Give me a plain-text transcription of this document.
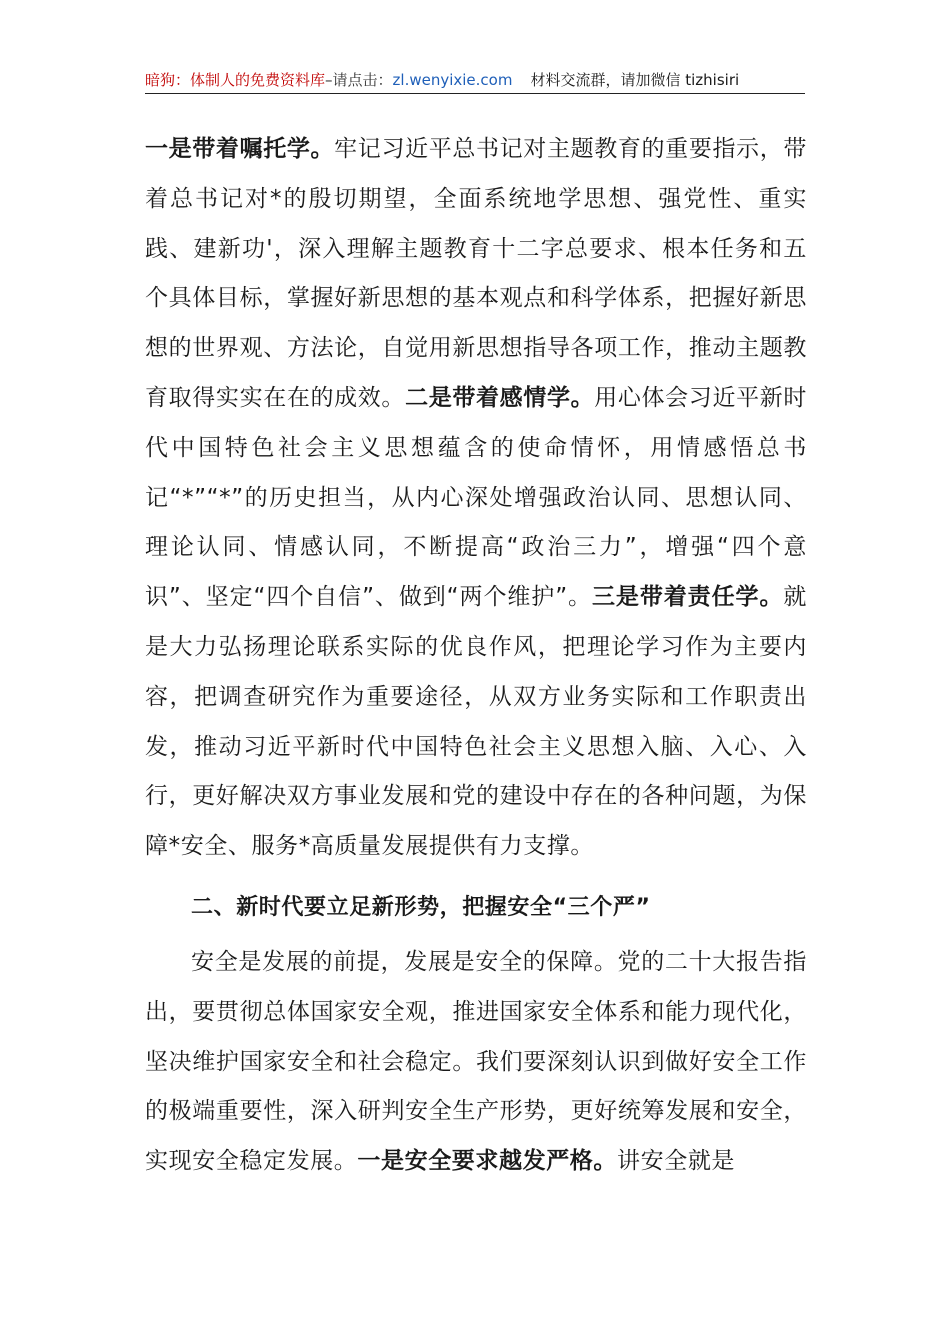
暗狗：体制人的免费资料库–请点击：zl.wenyixie.com 材料交流群，请加微信 tizhisiri

一是带着嘱托学。牢记习近平总书记对主题教育的重要指示，带着总书记对*的殷切期望，全面系统地学思想、强党性、重实践、建新功'，深入理解主题教育十二字总要求、根本任务和五个具体目标，掌握好新思想的基本观点和科学体系，把握好新思想的世界观、方法论，自觉用新思想指导各项工作，推动主题教育取得实实在在的成效。二是带着感情学。用心体会习近平新时代中国特色社会主义思想蕴含的使命情怀，用情感悟总书记“*”“*”的历史担当，从内心深处增强政治认同、思想认同、理论认同、情感认同，不断提高“政治三力”，增强“四个意识”、坚定“四个自信”、做到“两个维护”。三是带着责任学。就是大力弘扬理论联系实际的优良作风，把理论学习作为主要内容，把调查研究作为重要途径，从双方业务实际和工作职责出发，推动习近平新时代中国特色社会主义思想入脑、入心、入行，更好解决双方事业发展和党的建设中存在的各种问题，为保障*安全、服务*高质量发展提供有力支撑。

二、新时代要立足新形势，把握安全“三个严”

安全是发展的前提，发展是安全的保障。党的二十大报告指出，要贯彻总体国家安全观，推进国家安全体系和能力现代化，坚决维护国家安全和社会稳定。我们要深刻认识到做好安全工作的极端重要性，深入研判安全生产形势，更好统筹发展和安全，实现安全稳定发展。一是安全要求越发严格。讲安全就是
